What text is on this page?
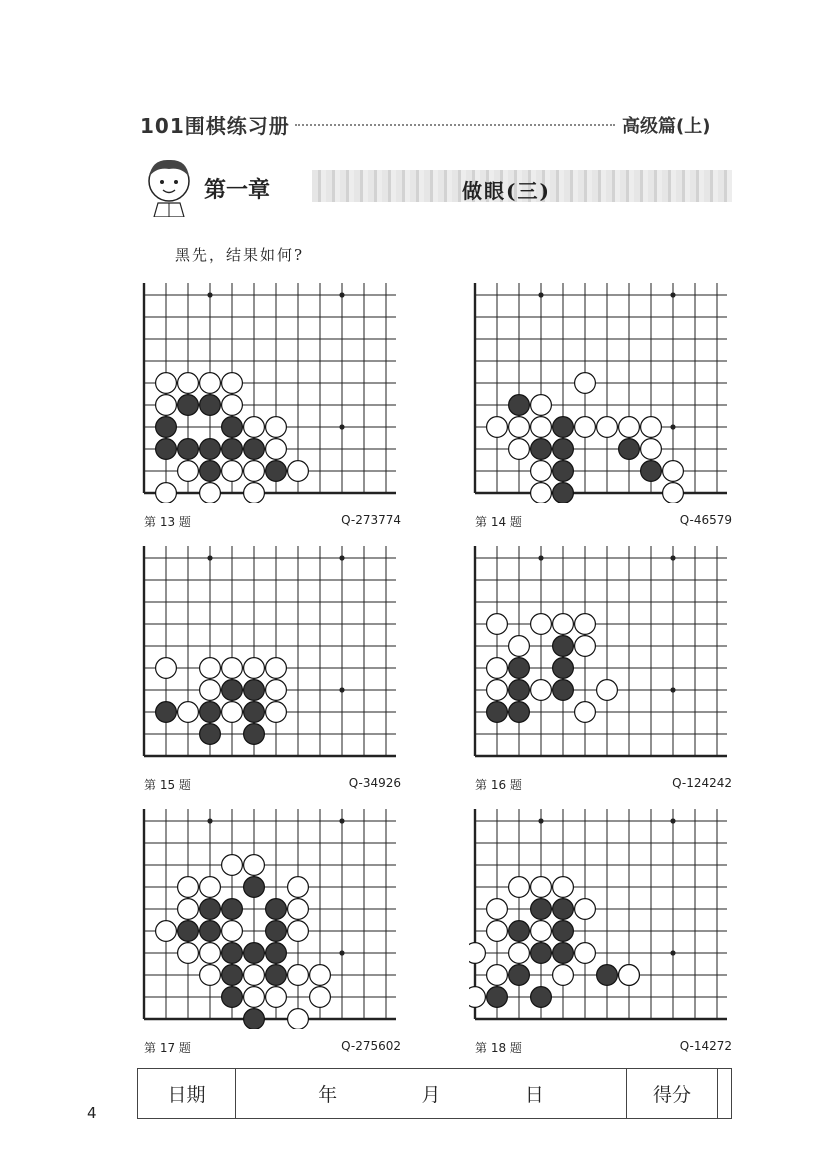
101围棋练习册	高级篇(上)
第一章	做眼(三)
黑先，结果如何?
第 13 题	Q-273774	第 14 题	Q-46579
第 15 题	Q-34926	第 16 题	Q-124242
第 17 题	Q-275602	第 18 题	Q-14272
日期	年	月	日	得分
4
